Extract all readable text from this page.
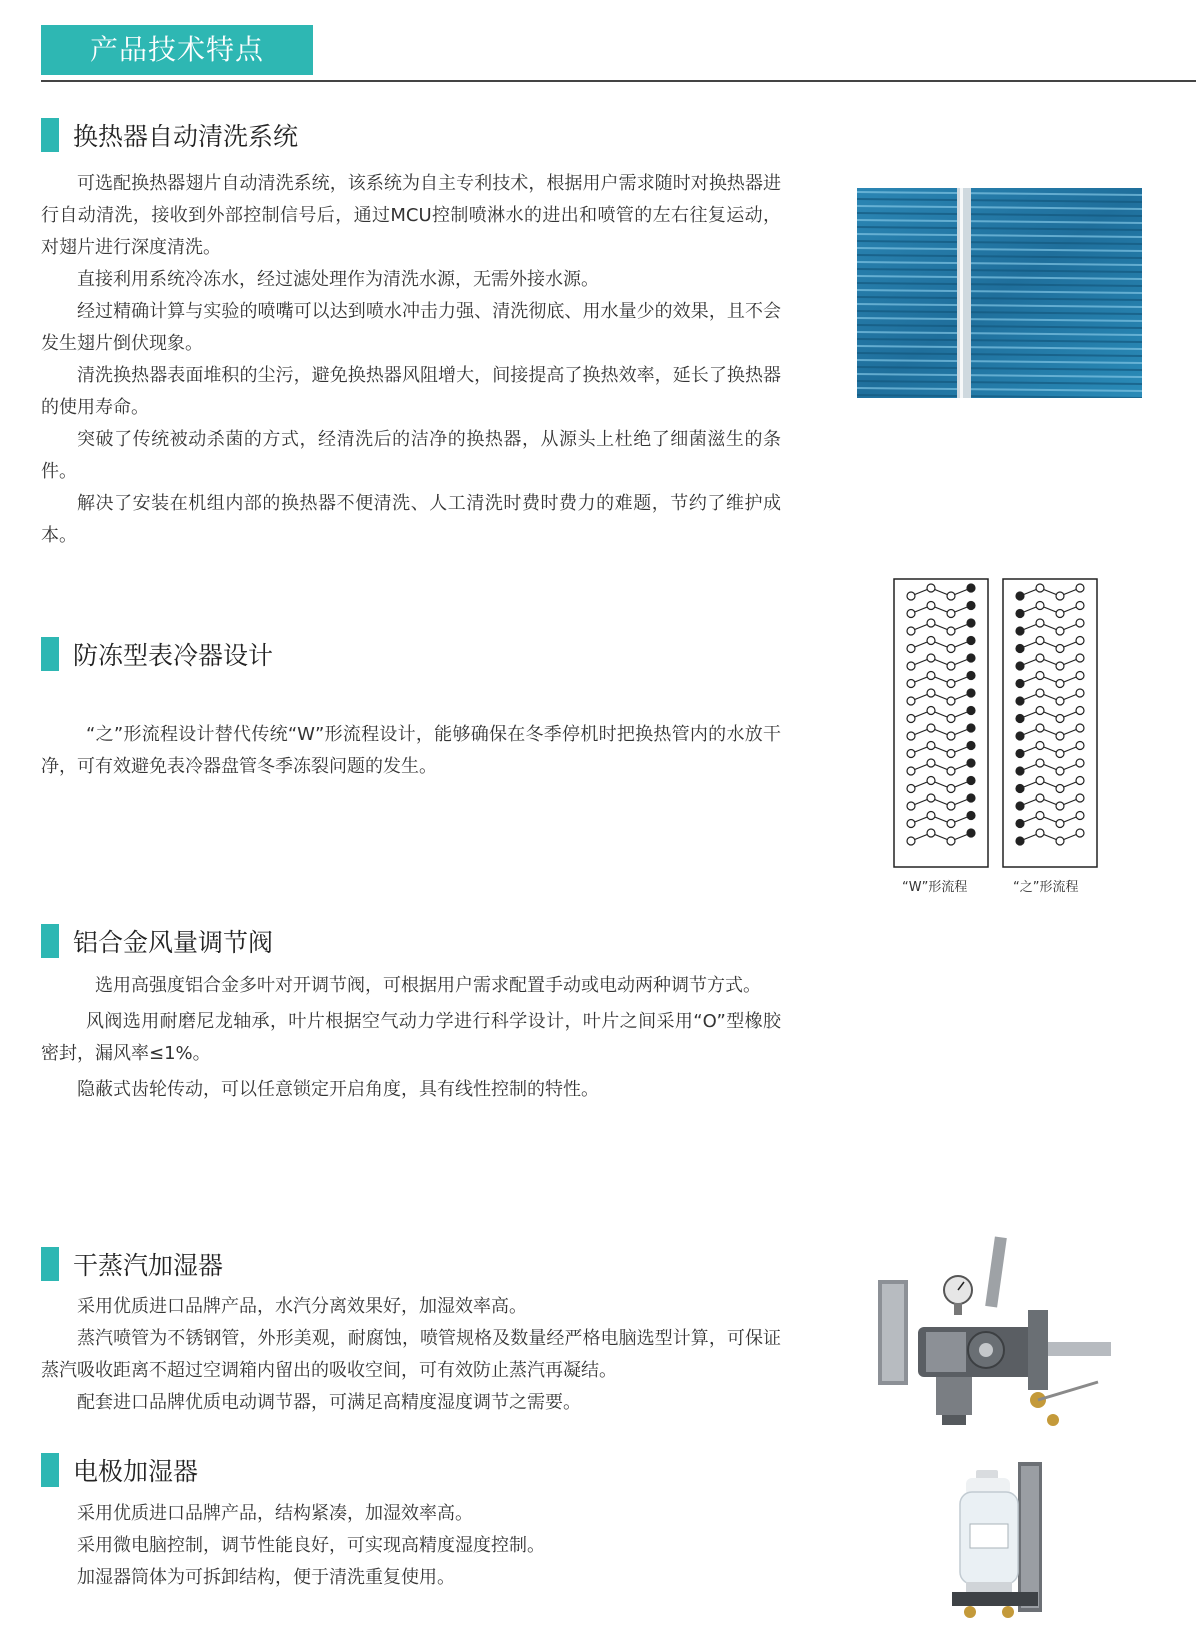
产品技术特点
换热器自动清洗系统

可选配换热器翅片自动清洗系统，该系统为自主专利技术，根据用户需求随时对换热器进行自动清洗，接收到外部控制信号后，通过MCU控制喷淋水的进出和喷管的左右往复运动，对翅片进行深度清洗。

直接利用系统冷冻水，经过滤处理作为清洗水源，无需外接水源。

经过精确计算与实验的喷嘴可以达到喷水冲击力强、清洗彻底、用水量少的效果，且不会发生翅片倒伏现象。

清洗换热器表面堆积的尘污，避免换热器风阻增大，间接提高了换热效率，延长了换热器的使用寿命。

突破了传统被动杀菌的方式，经清洗后的洁净的换热器，从源头上杜绝了细菌滋生的条件。

解决了安装在机组内部的换热器不便清洗、人工清洗时费时费力的难题，节约了维护成本。

防冻型表冷器设计

“之”形流程设计替代传统“W”形流程设计，能够确保在冬季停机时把换热管内的水放干净，可有效避免表冷器盘管冬季冻裂问题的发生。

“W”形流程	“之”形流程
铝合金风量调节阀

选用高强度铝合金多叶对开调节阀，可根据用户需求配置手动或电动两种调节方式。

风阀选用耐磨尼龙轴承，叶片根据空气动力学进行科学设计，叶片之间采用“O”型橡胶密封，漏风率≤1%。

隐蔽式齿轮传动，可以任意锁定开启角度，具有线性控制的特性。

干蒸汽加湿器

采用优质进口品牌产品，水汽分离效果好，加湿效率高。

蒸汽喷管为不锈钢管，外形美观，耐腐蚀，喷管规格及数量经严格电脑选型计算，可保证蒸汽吸收距离不超过空调箱内留出的吸收空间，可有效防止蒸汽再凝结。

配套进口品牌优质电动调节器，可满足高精度湿度调节之需要。

电极加湿器

采用优质进口品牌产品，结构紧凑，加湿效率高。

采用微电脑控制，调节性能良好，可实现高精度湿度控制。

加湿器筒体为可拆卸结构，便于清洗重复使用。
